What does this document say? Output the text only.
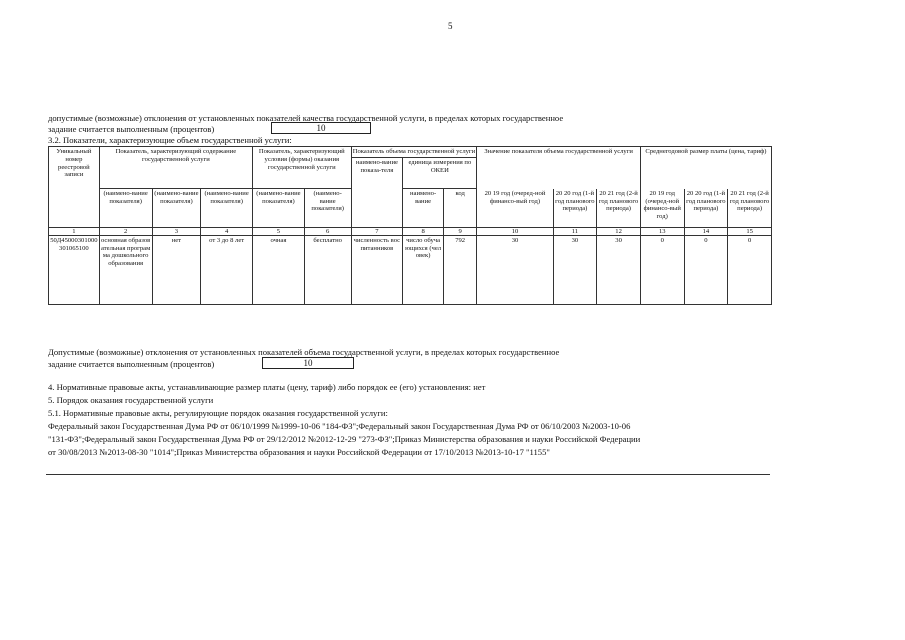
5
допустимые (возможные) отклонения от установленных показателей качества государственной услуги, в пределах которых государственное
задание считается выполненным (процентов)	10
3.2. Показатели, характеризующие объем государственной услуги:
Уникальный номер реестровой записи	Показатель, характеризующий содержание государственной услуги			Показатель, характеризующий условия (формы) оказания государственной услуги		Показатель объема государственной услуги			Значение показателя объема государственной услуги			Среднегодовой размер платы (цена, тариф)		
						наимено-вание показа-теля	единица измерения по ОКЕИ							
							наимено-вание	код						
	(наимено-вание показателя)	(наимено-вание показателя)	(наимено-вание показателя)	(наимено-вание показателя)	(наимено-вание показателя)				20 19 год (очеред-ной финансо-вый год)	20 20 год (1-й год планового периода)	20 21 год (2-й год планового периода)	20 19 год (очеред-ной финансо-вый год)	20 20 год (1-й год планового периода)	20 21 год (2-й год планового периода)
1	2	3	4	5	6	7	8	9	10	11	12	13	14	15
50Д45000301000301065100	основная образовательная программа дошкольного образования	нет	от 3 до 8 лет	очная	бесплатно	численность воспитанников	число обучающихся (человек)	792	30	30	30	0	0	0
Допустимые (возможные) отклонения от установленных показателей объема государственной услуги, в пределах которых государственное
задание считается выполненным (процентов)	10
4. Нормативные правовые акты, устанавливающие размер платы (цену, тариф) либо порядок ее (его) установления: нет
5. Порядок оказания государственной услуги
5.1. Нормативные правовые акты, регулирующие порядок оказания государственной услуги:
Федеральный закон Государственная Дума РФ от 06/10/1999 №1999-10-06 "184-ФЗ";Федеральный закон Государственная Дума РФ от 06/10/2003 №2003-10-06
"131-ФЗ";Федеральный закон Государственная Дума РФ от 29/12/2012 №2012-12-29 "273-ФЗ";Приказ Министерства образования и науки Российской Федерации
от 30/08/2013 №2013-08-30 "1014";Приказ Министерства образования и науки Российской Федерации от 17/10/2013 №2013-10-17 "1155"
